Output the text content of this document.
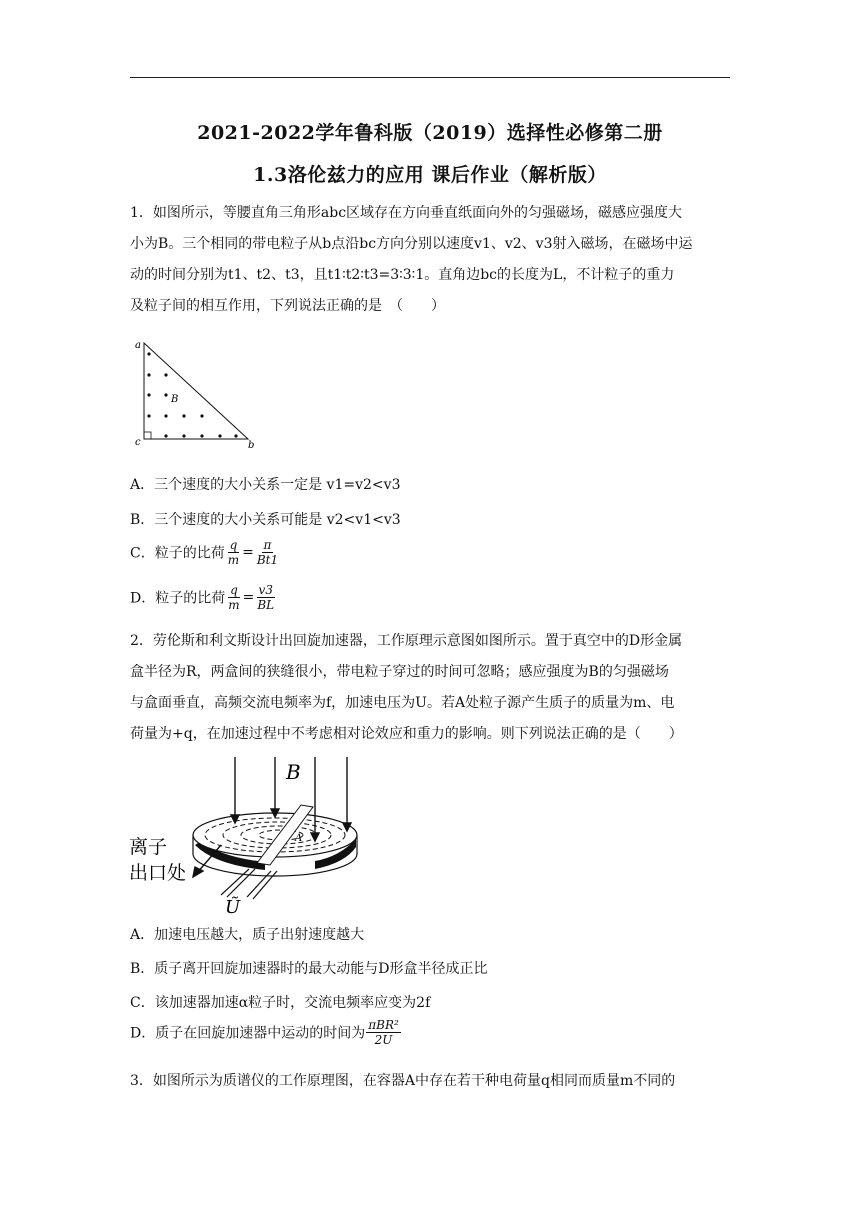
2021-2022学年鲁科版（2019）选择性必修第二册
1.3洛伦兹力的应用 课后作业（解析版）
1．如图所示，等腰直角三角形abc区域存在方向垂直纸面向外的匀强磁场，磁感应强度大
小为B。三个相同的带电粒子从b点沿bc方向分别以速度v1、v2、v3射入磁场，在磁场中运
动的时间分别为t1、t2、t3，且t1∶t2∶t3=3∶3∶1。直角边bc的长度为L，不计粒子的重力
及粒子间的相互作用，下列说法正确的是　（　　）
a
c	b
B
A．三个速度的大小关系一定是 v1=v2<v3
B．三个速度的大小关系可能是 v2<v1<v3
C．粒子的比荷 $\frac{q}{m} = \frac{\pi}{Bt1}$
D．粒子的比荷 $\frac{q}{m} = \frac{v3}{BL}$
2．劳伦斯和利文斯设计出回旋加速器，工作原理示意图如图所示。置于真空中的D形金属
盒半径为R，两盒间的狭缝很小，带电粒子穿过的时间可忽略；感应强度为B的匀强磁场
与盒面垂直，高频交流电频率为f，加速电压为U。若A处粒子源产生质子的质量为m、电
荷量为+q，在加速过程中不考虑相对论效应和重力的影响。则下列说法正确的是（　　）
B
A
离子
出口处
Ũ
A．加速电压越大，质子出射速度越大
B．质子离开回旋加速器时的最大动能与D形盒半径成正比
C．该加速器加速α粒子时，交流电频率应变为2f
D．质子在回旋加速器中运动的时间为 $\frac{\text{πBR²}}{2U}$
3．如图所示为质谱仪的工作原理图，在容器A中存在若干种电荷量q相同而质量m不同的
